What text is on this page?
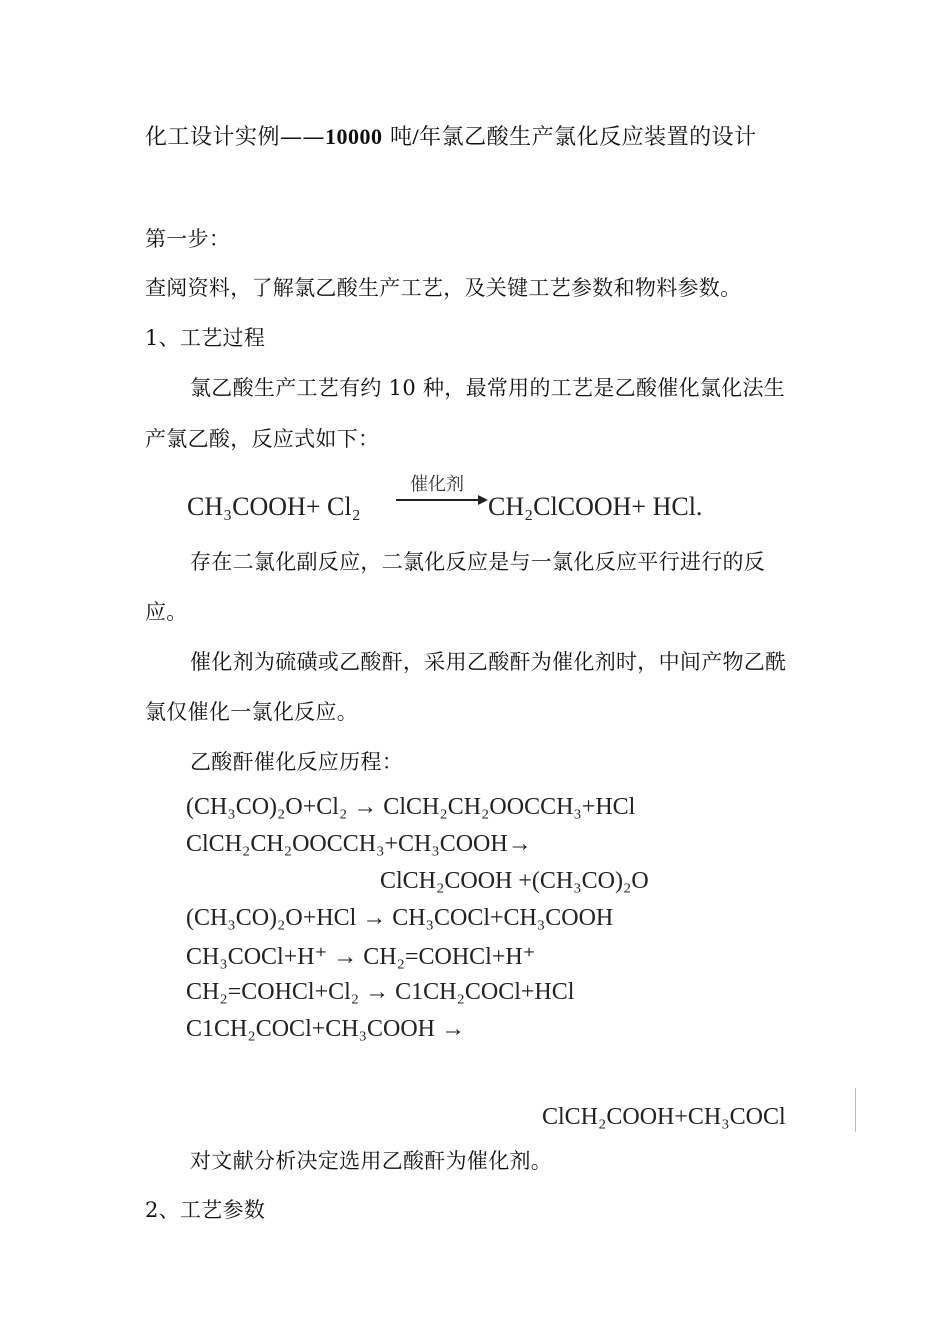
化工设计实例——10000 吨/年氯乙酸生产氯化反应装置的设计
第一步：
查阅资料，了解氯乙酸生产工艺，及关键工艺参数和物料参数。
1、工艺过程
氯乙酸生产工艺有约 10 种，最常用的工艺是乙酸催化氯化法生
产氯乙酸，反应式如下：
CH₃COOH+ Cl₂
催化剂
CH₂ClCOOH+ HCl.
存在二氯化副反应，二氯化反应是与一氯化反应平行进行的反
应。
催化剂为硫磺或乙酸酐，采用乙酸酐为催化剂时，中间产物乙酰
氯仅催化一氯化反应。
乙酸酐催化反应历程：
(CH₃CO)₂O+Cl₂ → ClCH₂CH₂OOCCH₃+HCl
ClCH₂CH₂OOCCH₃+CH₃COOH→
ClCH₂COOH +(CH₃CO)₂O
(CH₃CO)₂O+HCl → CH₃COCl+CH₃COOH
CH₃COCl+H⁺ → CH₂=COHCl+H⁺
CH₂=COHCl+Cl₂ → C1CH₂COCl+HCl
C1CH₂COCl+CH₃COOH →
ClCH₂COOH+CH₃COCl
对文献分析决定选用乙酸酐为催化剂。
2、工艺参数
